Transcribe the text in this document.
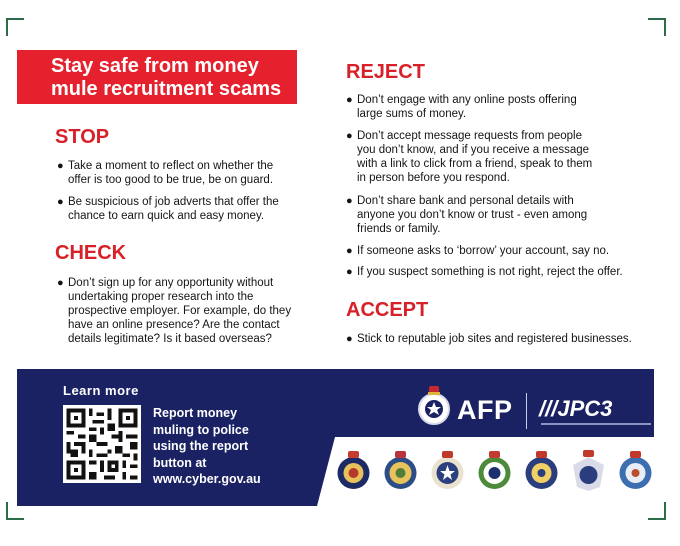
Stay safe from money
mule recruitment scams
STOP
● Take a moment to reflect on whether the
offer is too good to be true, be on guard.
● Be suspicious of job adverts that offer the
chance to earn quick and easy money.
CHECK
● Don’t sign up for any opportunity without
undertaking proper research into the
prospective employer. For example, do they
have an online presence? Are the contact
details legitimate? Is it based overseas?
REJECT
● Don’t engage with any online posts offering
large sums of money.
● Don’t accept message requests from people
you don’t know, and if you receive a message
with a link to click from a friend, speak to them
in person before you respond.
● Don’t share bank and personal details with
anyone you don’t know or trust - even among
friends or family.
● If someone asks to ‘borrow’ your account, say no.
● If you suspect something is not right, reject the offer.
ACCEPT
● Stick to reputable job sites and registered businesses.
Learn more
Report money
muling to police
using the report
button at
www.cyber.gov.au
AFP ///JPC3
